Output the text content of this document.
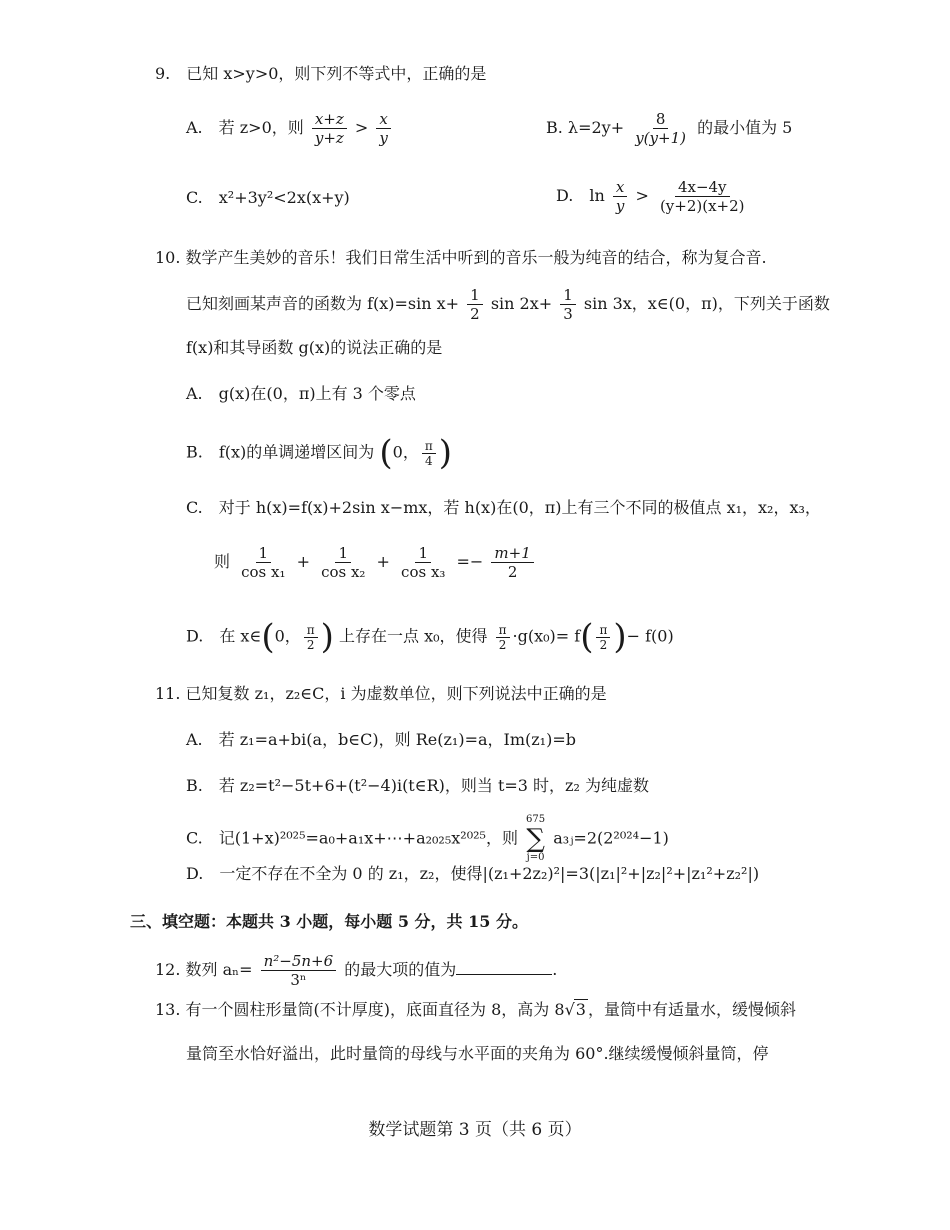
9.　已知 x>y>0，则下列不等式中，正确的是
A.　若 z>0，则 $\frac{x+z}{y+z} > \frac{x}{y}$	B. $\lambda=2y+ \frac{8}{y(y+1)}$ 的最小值为 5
C.　x²+3y²<2x(x+y)	D.　$\ln \frac{x}{y} > \frac{4x-4y}{(y+2)(x+2)}$
10. 数学产生美妙的音乐！我们日常生活中听到的音乐一般为纯音的结合，称为复合音.
已知刻画某声音的函数为 f(x)=sin $x+ \frac{1}{2}$ $\sin 2x+ \frac{1}{3}$ sin 3x，x∈(0，π)，下列关于函数
f(x)和其导函数 g(x)的说法正确的是
A.　g(x)在(0，π)上有 3 个零点
B.　f(x)的单调递增区间为 (0， $\frac{\pi}{4}$ )
C.　对于 h(x)=f(x)+2sin x−mx，若 h(x)在(0，π)上有三个不同的极值点 x₁，x₂，x₃，
则 $\frac{1}{\text{cos x₁}} + \frac{1}{\text{cos x₂}} + \frac{1}{\text{cos x₃}} =- \frac{m+1}{2}$
D.　在 x∈(0， $\frac{\pi}{2}$ ) 上存在一点 x₀，使得 $\frac{\pi}{2} \cdot g(x_0)= f( \frac{\pi}{2}$ )− f(0)
11. 已知复数 z₁，z₂∈C，i 为虚数单位，则下列说法中正确的是
A.　若 z₁=a+bi(a，b∈C)，则 Re(z₁)=a，Im(z₁)=b
B.　若 z₂=t²−5t+6+(t²−4)i(t∈R)，则当 t=3 时，z₂ 为纯虚数
C.　记(1+x)²⁰²⁵=a₀+a₁x+⋯+a₂₀₂₅x²⁰²⁵，则
675
∑
j=0
a₃ⱼ=2(2²⁰²⁴−1)
D.　一定不存在不全为 0 的 z₁，z₂，使得|(z₁+2z₂)²|=3(|z₁|²+|z₂|²+|z₁²+z₂²|)
三、填空题：本题共 3 小题，每小题 5 分，共 15 分。
12. 数列 $a_n= \frac{\text{n²−5n+6}}{\text{3ⁿ}}$ 的最大项的值为	.
13. 有一个圆柱形量筒(不计厚度)，底面直径为 8，高为 8√3 ，量筒中有适量水，缓慢倾斜
量筒至水恰好溢出，此时量筒的母线与水平面的夹角为 60°.继续缓慢倾斜量筒，停
数学试题第 3 页（共 6 页）
